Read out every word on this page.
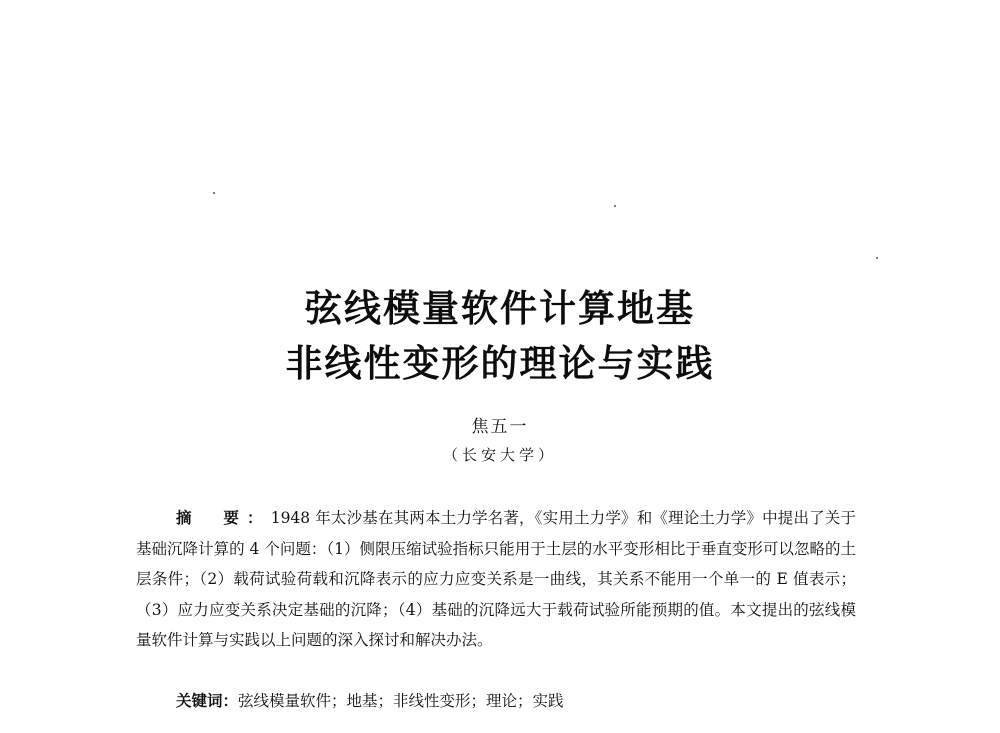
弦线模量软件计算地基
非线性变形的理论与实践
焦五一
（长安大学）
摘　要：1948 年太沙基在其两本土力学名著，《实用土力学》和《理论土力学》中提出了关于基础沉降计算的 4 个问题：（1）侧限压缩试验指标只能用于土层的水平变形相比于垂直变形可以忽略的土层条件；（2）载荷试验荷载和沉降表示的应力应变关系是一曲线，其关系不能用一个单一的 E 值表示；（3）应力应变关系决定基础的沉降；（4）基础的沉降远大于载荷试验所能预期的值。本文提出的弦线模量软件计算与实践以上问题的深入探讨和解决办法。
关键词：弦线模量软件；地基；非线性变形；理论；实践
